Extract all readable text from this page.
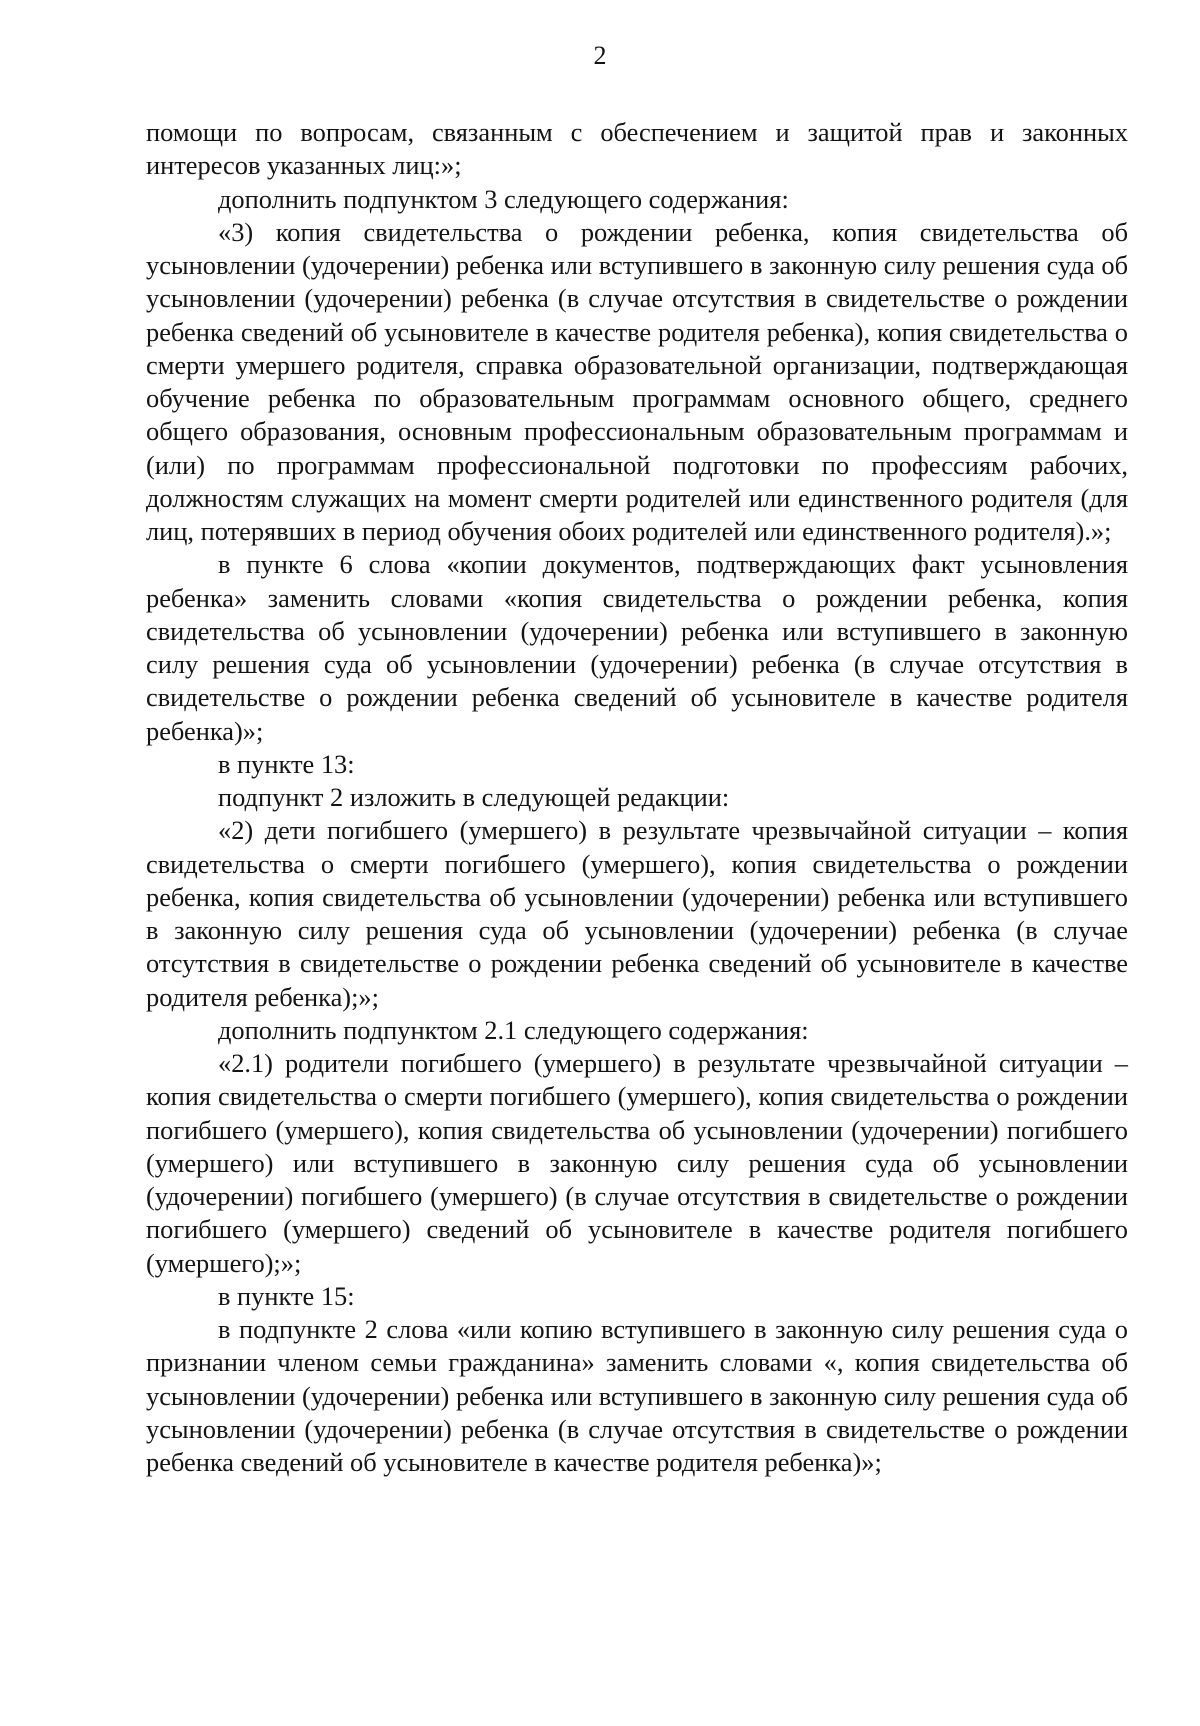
2

помощи по вопросам, связанным с обеспечением и защитой прав и законных интересов указанных лиц:»;

дополнить подпунктом 3 следующего содержания:

«3) копия свидетельства о рождении ребенка, копия свидетельства об усыновлении (удочерении) ребенка или вступившего в законную силу решения суда об усыновлении (удочерении) ребенка (в случае отсутствия в свидетельстве о рождении ребенка сведений об усыновителе в качестве родителя ребенка), копия свидетельства о смерти умершего родителя, справка образовательной организации, подтверждающая обучение ребенка по образовательным программам основного общего, среднего общего образования, основным профессиональным образовательным программам и (или) по программам профессиональной подготовки по профессиям рабочих, должностям служащих на момент смерти родителей или единственного родителя (для лиц, потерявших в период обучения обоих родителей или единственного родителя).»;

в пункте 6 слова «копии документов, подтверждающих факт усыновления ребенка» заменить словами «копия свидетельства о рождении ребенка, копия свидетельства об усыновлении (удочерении) ребенка или вступившего в законную силу решения суда об усыновлении (удочерении) ребенка (в случае отсутствия в свидетельстве о рождении ребенка сведений об усыновителе в качестве родителя ребенка)»;

в пункте 13:

подпункт 2 изложить в следующей редакции:

«2) дети погибшего (умершего) в результате чрезвычайной ситуации – копия свидетельства о смерти погибшего (умершего), копия свидетельства о рождении ребенка, копия свидетельства об усыновлении (удочерении) ребенка или вступившего в законную силу решения суда об усыновлении (удочерении) ребенка (в случае отсутствия в свидетельстве о рождении ребенка сведений об усыновителе в качестве родителя ребенка);»;

дополнить подпунктом 2.1 следующего содержания:

«2.1) родители погибшего (умершего) в результате чрезвычайной ситуации – копия свидетельства о смерти погибшего (умершего), копия свидетельства о рождении погибшего (умершего), копия свидетельства об усыновлении (удочерении) погибшего (умершего) или вступившего в законную силу решения суда об усыновлении (удочерении) погибшего (умершего) (в случае отсутствия в свидетельстве о рождении погибшего (умершего) сведений об усыновителе в качестве родителя погибшего (умершего);»;

в пункте 15:

в подпункте 2 слова «или копию вступившего в законную силу решения суда о признании членом семьи гражданина» заменить словами «, копия свидетельства об усыновлении (удочерении) ребенка или вступившего в законную силу решения суда об усыновлении (удочерении) ребенка (в случае отсутствия в свидетельстве о рождении ребенка сведений об усыновителе в качестве родителя ребенка)»;
